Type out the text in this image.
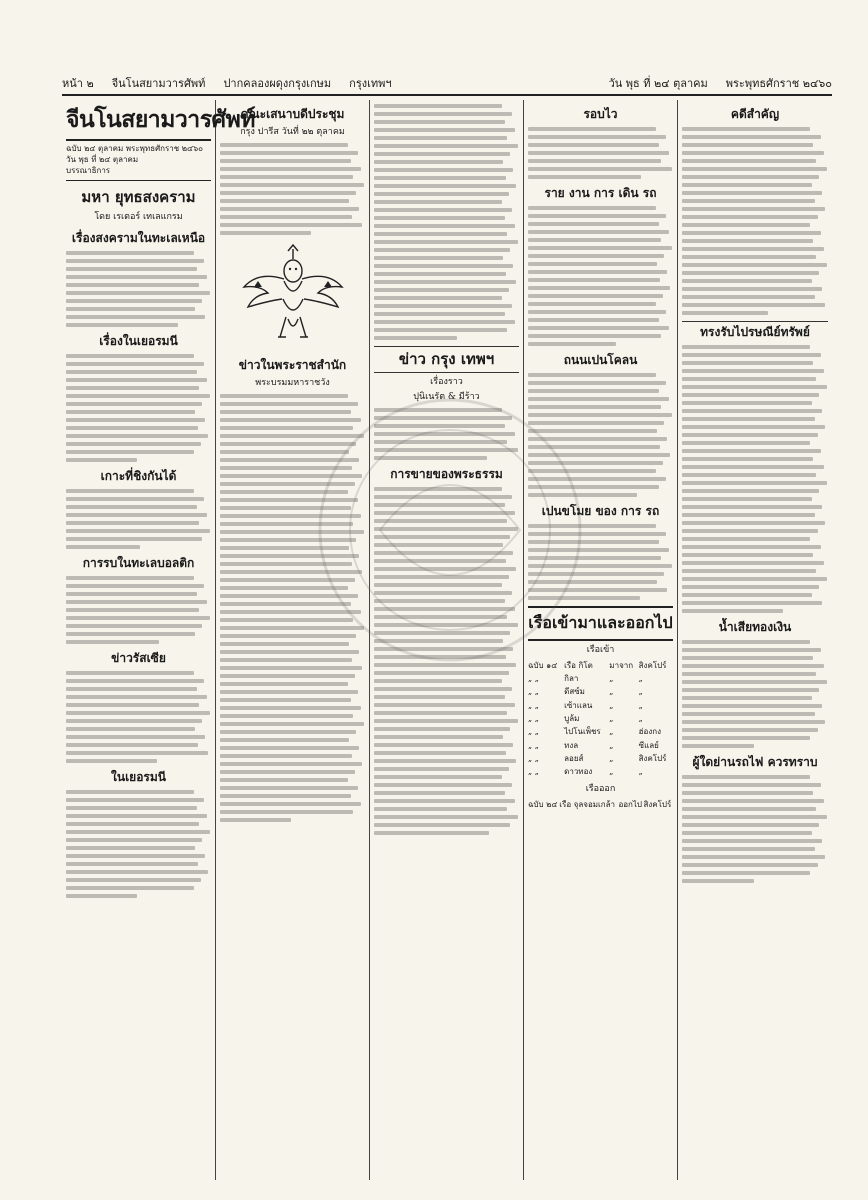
หน้า ๒ จีนโนสยามวารศัพท์ ปากคลองผดุงกรุงเกษม กรุงเทพฯ	วัน พุธ ที่ ๒๔ ตุลาคม พระพุทธศักราช ๒๔๖๐
จีนโนสยามวารศัพท์
ฉบับ ๒๔ ตุลาคม พระพุทธศักราช ๒๔๖๐
วัน พุธ ที่ ๒๔ ตุลาคม
บรรณาธิการ
มหา ยุทธสงคราม
โดย เรเตอร์ เทเลแกรม
เรื่องสงครามในทะเลเหนือ
เรื่องในเยอรมนี
เกาะที่ชิงกันได้
การรบในทะเลบอลติก
ข่าวรัสเซีย
ในเยอรมนี
คณะเสนาบดีประชุม
กรุง ปารีส วันที่ ๒๒ ตุลาคม
ข่าวในพระราชสำนัก
พระบรมมหาราชวัง
ข่าว กรุง เทพฯ
เรื่องราว
ปุนิเนรัต & มีร้าว
การขายของพระธรรม
รอบไว
ราย งาน การ เดิน รถ
ถนนเปนโคลน
เปนขโมย ของ การ รถ
เรือเข้ามาและออกไป
เรือเข้า
ฉบับ ๑๔	เรือ กิโต	มาจาก	สิงคโปร์
„ „	กิลา	„	„
„ „	ดีสซ์ม	„	„
„ „	เซ้าแลน	„	„
„ „	บูล้ม	„	„
„ „	ไปโนเพ็ชร	„	ฮ่องกง
„ „	ทงล	„	ซีแลย์
„ „	ลอยส์	„	สิงคโปร์
„ „	ดาวทอง	„	„
เรือออก
ฉบับ ๒๔	เรือ จุลจอมเกล้า	ออกไป	สิงคโปร์
คดีสำคัญ
ทรงรับไปรษณีย์ทรัพย์
น้ำเสียทองเงิน
ผู้ใดย่านรถไฟ ควรทราบ
